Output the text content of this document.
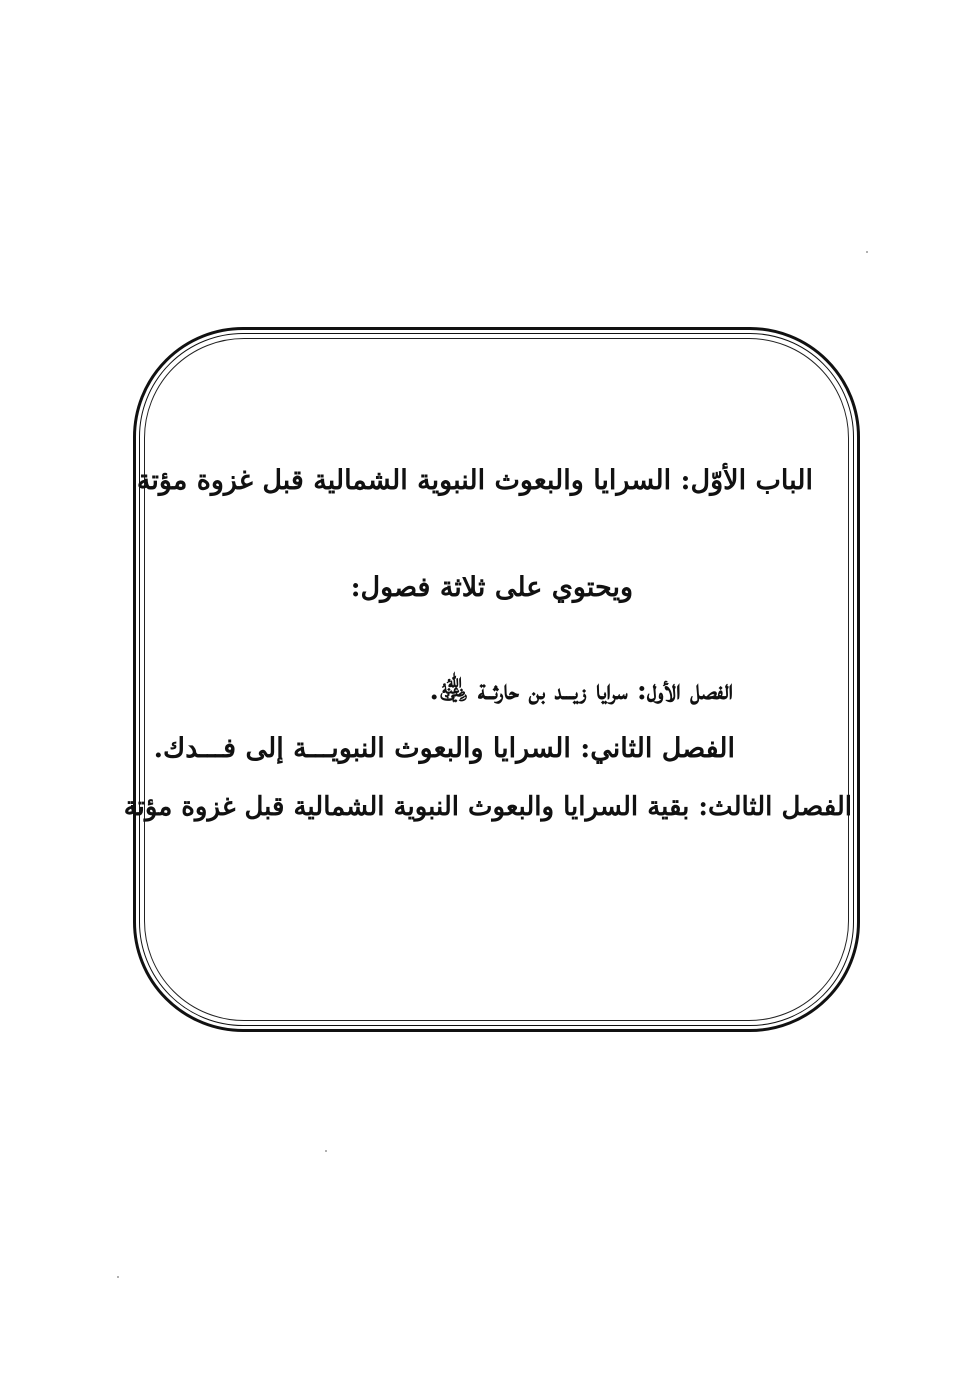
الباب الأوّل: السرايا والبعوث النبوية الشمالية قبل غزوة مؤتة
ويحتوي على ثلاثة فصول:
الفصل الأول: سرايا زيـــد بن حارثــة ﵁.
الفصل الثاني: السرايا والبعوث النبويـــة إلى فـــدك.
الفصل الثالث: بقية السرايا والبعوث النبوية الشمالية قبل غزوة مؤتة
